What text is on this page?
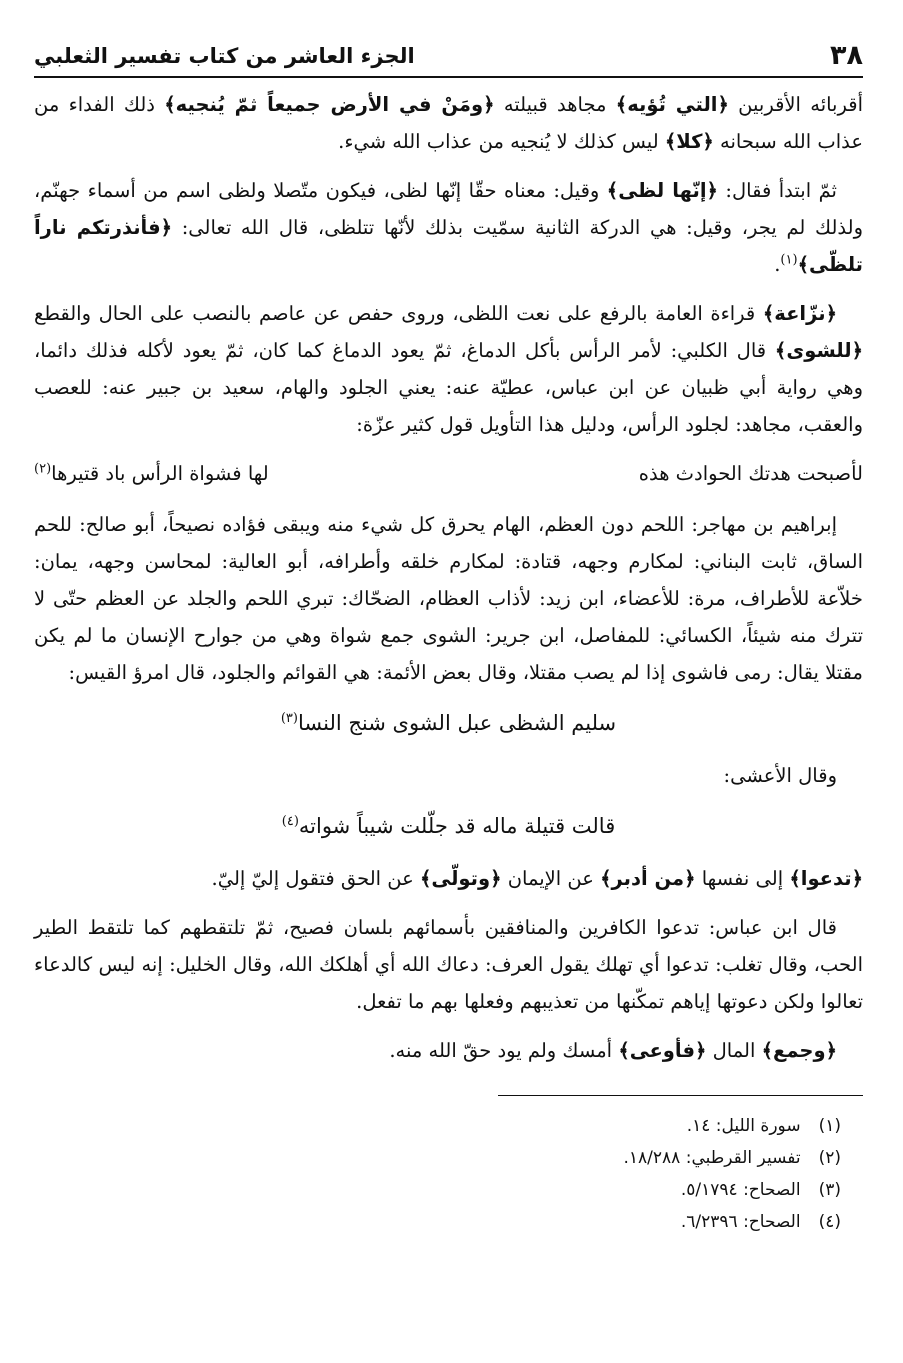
٣٨
الجزء العاشر من كتاب تفسير الثعلبي

أقربائه الأقربين ﴿التي تُؤيه﴾ مجاهد قبيلته ﴿ومَنْ في الأرض جميعاً ثمّ يُنجيه﴾ ذلك الفداء من عذاب الله سبحانه ﴿كلا﴾ ليس كذلك لا يُنجيه من عذاب الله شيء.

ثمّ ابتدأ فقال: ﴿إنّها لظى﴾ وقيل: معناه حقّا إنّها لظى، فيكون متّصلا ولظى اسم من أسماء جهنّم، ولذلك لم يجر، وقيل: هي الدركة الثانية سمّيت بذلك لأنّها تتلظى، قال الله تعالى: ﴿فأنذرتكم ناراً تلظّى﴾$^{(١)}$.

﴿نزّاعة﴾ قراءة العامة بالرفع على نعت اللظى، وروى حفص عن عاصم بالنصب على الحال والقطع ﴿للشوى﴾ قال الكلبي: لأمر الرأس بأكل الدماغ، ثمّ يعود الدماغ كما كان، ثمّ يعود لأكله فذلك دائما، وهي رواية أبي ظبيان عن ابن عباس، عطيّة عنه: يعني الجلود والهام، سعيد بن جبير عنه: للعصب والعقب، مجاهد: لجلود الرأس، ودليل هذا التأويل قول كثير عزّة:

لأصبحت هدتك الحوادث هذه
لها فشواة الرأس باد قتيرها$^{(٢)}$

إبراهيم بن مهاجر: اللحم دون العظم، الهام يحرق كل شيء منه ويبقى فؤاده نصيحاً، أبو صالح: للحم الساق، ثابت البناني: لمكارم وجهه، قتادة: لمكارم خلقه وأطرافه، أبو العالية: لمحاسن وجهه، يمان: خلاّعة للأطراف، مرة: للأعضاء، ابن زيد: لأذاب العظام، الضحّاك: تبري اللحم والجلد عن العظم حتّى لا تترك منه شيئاً، الكسائي: للمفاصل، ابن جرير: الشوى جمع شواة وهي من جوارح الإنسان ما لم يكن مقتلا يقال: رمى فاشوى إذا لم يصب مقتلا، وقال بعض الأئمة: هي القوائم والجلود، قال امرؤ القيس:

سليم الشظى عبل الشوى شنج النسا$^{(٣)}$

وقال الأعشى:

قالت قتيلة ماله قد جلّلت شيباً شواته$^{(٤)}$

﴿تدعوا﴾ إلى نفسها ﴿من أدبر﴾ عن الإيمان ﴿وتولّى﴾ عن الحق فتقول إليّ إليّ.

قال ابن عباس: تدعوا الكافرين والمنافقين بأسمائهم بلسان فصيح، ثمّ تلتقطهم كما تلتقط الطير الحب، وقال تغلب: تدعوا أي تهلك يقول العرف: دعاك الله أي أهلكك الله، وقال الخليل: إنه ليس كالدعاء تعالوا ولكن دعوتها إياهم تمكّنها من تعذيبهم وفعلها بهم ما تفعل.

﴿وجمع﴾ المال ﴿فأوعى﴾ أمسك ولم يود حقّ الله منه.

(١)
سورة الليل: ١٤.
(٢)
تفسير القرطبي: ١٨/٢٨٨.
(٣)
الصحاح: ٥/١٧٩٤.
(٤)
الصحاح: ٦/٢٣٩٦.
